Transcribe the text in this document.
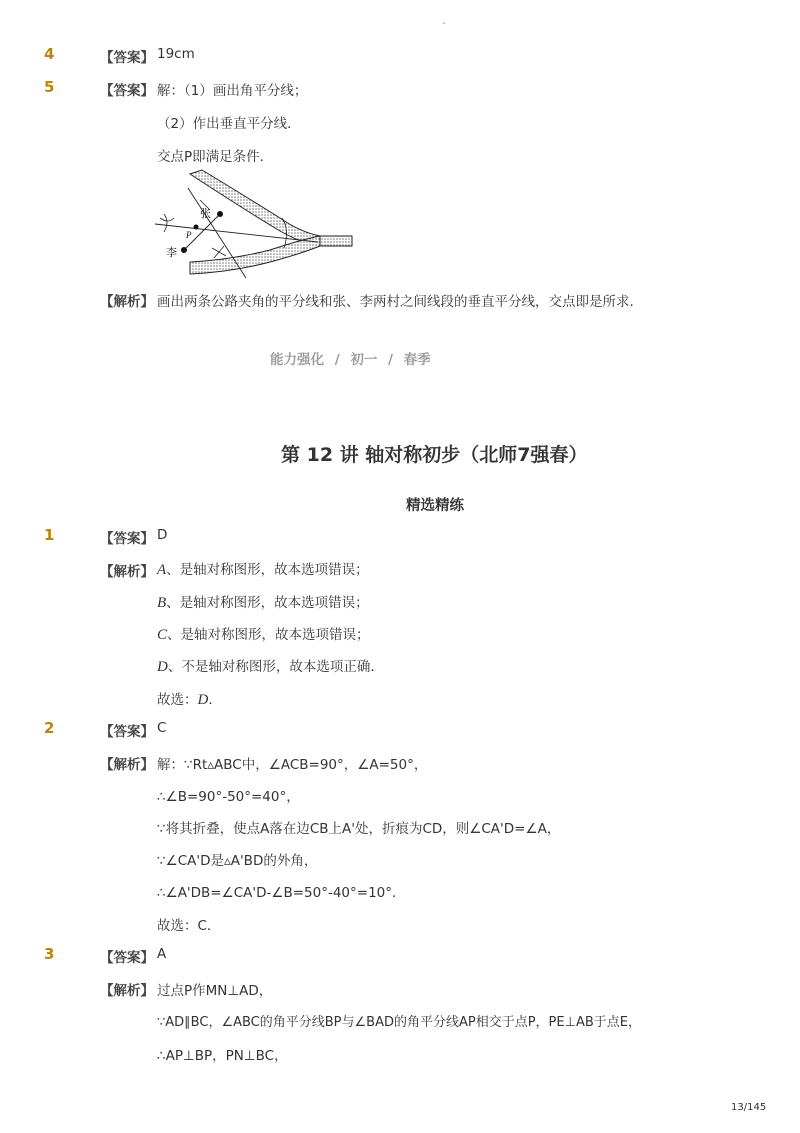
-
4	【答案】 19cm
5	【答案】 解：（1）画出角平分线；
（2）作出垂直平分线．
交点P即满足条件．
张
李
P
【解析】 画出两条公路夹角的平分线和张、李两村之间线段的垂直平分线，交点即是所求．
能力强化 / 初一 / 春季
第 12 讲 轴对称初步（北师7强春）
精选精练
1	【答案】 D
【解析】 A、是轴对称图形，故本选项错误；
B、是轴对称图形，故本选项错误；
C、是轴对称图形，故本选项错误；
D、不是轴对称图形，故本选项正确．
故选：D．
2	【答案】 C
【解析】 解：∵Rt▵ABC中，∠ACB=90°，∠A=50°，
∴∠B=90°-50°=40°，
∵将其折叠，使点A落在边CB上A'处，折痕为CD，则∠CA'D=∠A，
∵∠CA'D是▵A'BD的外角，
∴∠A'DB=∠CA'D-∠B=50°-40°=10°．
故选：C．
3	【答案】 A
【解析】 过点P作MN⊥AD，
∵AD∥BC，∠ABC的角平分线BP与∠BAD的角平分线AP相交于点P，PE⊥AB于点E，
∴AP⊥BP，PN⊥BC，
13/145
